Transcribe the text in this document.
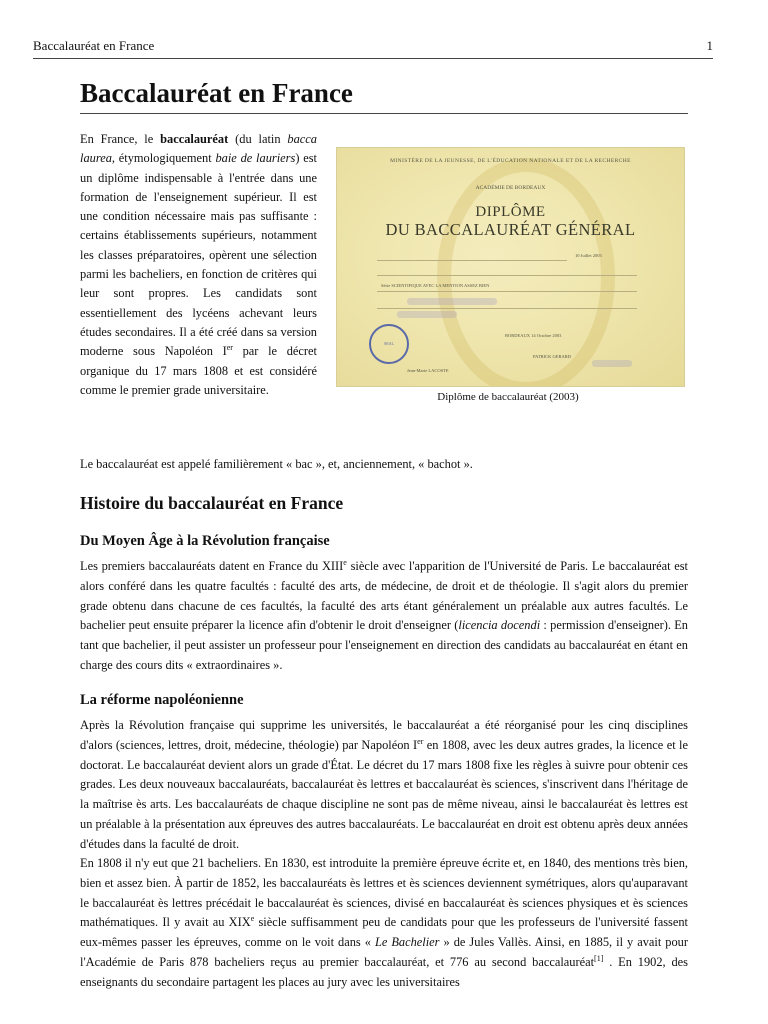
Baccalauréat en France	1
Baccalauréat en France
En France, le baccalauréat (du latin bacca laurea, étymologiquement baie de lauriers) est un diplôme indispensable à l'entrée dans une formation de l'enseignement supérieur. Il est une condition nécessaire mais pas suffisante : certains établissements supérieurs, notamment les classes préparatoires, opèrent une sélection parmi les bacheliers, en fonction de critères qui leur sont propres. Les candidats sont essentiellement des lycéens achevant leurs études secondaires. Il a été créé dans sa version moderne sous Napoléon Ier par le décret organique du 17 mars 1808 et est considéré comme le premier grade universitaire.
MINISTÈRE DE LA JEUNESSE, DE L'ÉDUCATION NATIONALE ET DE LA RECHERCHE
ACADÉMIE DE BORDEAUX
DIPLÔME
DU BACCALAURÉAT GÉNÉRAL
10 Juillet 2003
Série SCIENTIFIQUE AVEC LA MENTION ASSEZ BIEN
BORDEAUX 14 Octobre 2003
PATRICK GERARD
SEAL
Jean-Marie LACOSTE
Diplôme de baccalauréat (2003)
Le baccalauréat est appelé familièrement « bac », et, anciennement, « bachot ».
Histoire du baccalauréat en France
Du Moyen Âge à la Révolution française
Les premiers baccalauréats datent en France du XIIIe siècle avec l'apparition de l'Université de Paris. Le baccalauréat est alors conféré dans les quatre facultés : faculté des arts, de médecine, de droit et de théologie. Il s'agit alors du premier grade obtenu dans chacune de ces facultés, la faculté des arts étant généralement un préalable aux autres facultés. Le bachelier peut ensuite préparer la licence afin d'obtenir le droit d'enseigner (licencia docendi : permission d'enseigner). En tant que bachelier, il peut assister un professeur pour l'enseignement en direction des candidats au baccalauréat en étant en charge des cours dits « extraordinaires ».
La réforme napoléonienne
Après la Révolution française qui supprime les universités, le baccalauréat a été réorganisé pour les cinq disciplines d'alors (sciences, lettres, droit, médecine, théologie) par Napoléon Ier en 1808, avec les deux autres grades, la licence et le doctorat. Le baccalauréat devient alors un grade d'État. Le décret du 17 mars 1808 fixe les règles à suivre pour obtenir ces grades. Les deux nouveaux baccalauréats, baccalauréat ès lettres et baccalauréat ès sciences, s'inscrivent dans l'héritage de la maîtrise ès arts. Les baccalauréats de chaque discipline ne sont pas de même niveau, ainsi le baccalauréat ès lettres est un préalable à la présentation aux épreuves des autres baccalauréats. Le baccalauréat en droit est obtenu après deux années d'études dans la faculté de droit.
En 1808 il n'y eut que 21 bacheliers. En 1830, est introduite la première épreuve écrite et, en 1840, des mentions très bien, bien et assez bien. À partir de 1852, les baccalauréats ès lettres et ès sciences deviennent symétriques, alors qu'auparavant le baccalauréat ès lettres précédait le baccalauréat ès sciences, divisé en baccalauréat ès sciences physiques et ès sciences mathématiques. Il y avait au XIXe siècle suffisamment peu de candidats pour que les professeurs de l'université fassent eux-mêmes passer les épreuves, comme on le voit dans « Le Bachelier » de Jules Vallès. Ainsi, en 1885, il y avait pour l'Académie de Paris 878 bacheliers reçus au premier baccalauréat, et 776 au second baccalauréat[1] . En 1902, des enseignants du secondaire partagent les places au jury avec les universitaires
